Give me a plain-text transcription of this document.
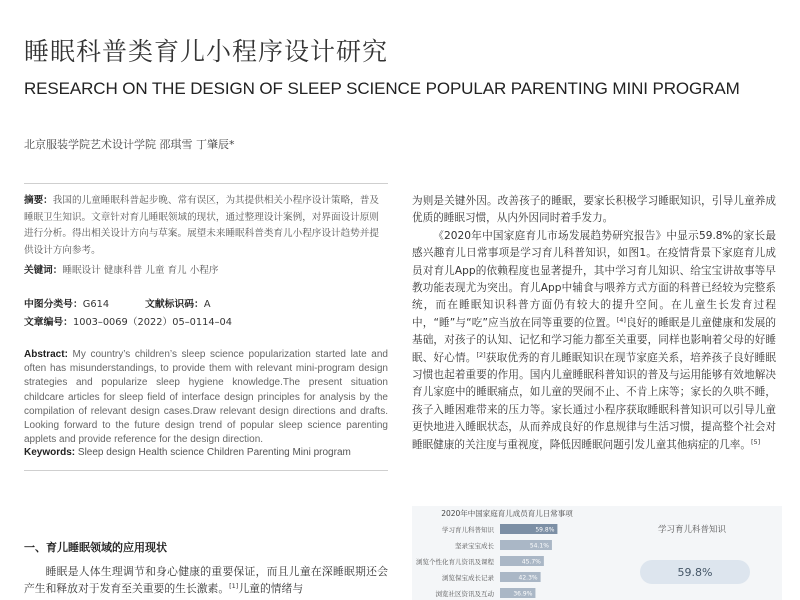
睡眠科普类育儿小程序设计研究
RESEARCH ON THE DESIGN OF SLEEP SCIENCE POPULAR PARENTING MINI PROGRAM
北京服装学院艺术设计学院 邵琪雪 丁肇辰*
摘要：我国的儿童睡眠科普起步晚、常有误区，为其提供相关小程序设计策略，普及睡眠卫生知识。文章针对育儿睡眠领域的现状，通过整理设计案例，对界面设计原则进行分析。得出相关设计方向与草案。展望未来睡眠科普类育儿小程序设计趋势并提供设计方向参考。
关键词：睡眠设计 健康科普 儿童 育儿 小程序
中图分类号：G614	文献标识码：A
文章编号：1003–0069（2022）05–0114–04
Abstract: My country’s children’s sleep science popularization started late and often has misunderstandings, to provide them with relevant mini-program design strategies and popularize sleep hygiene knowledge.The present situation childcare articles for sleep field of interface design principles for analysis by the compilation of relevant design cases.Draw relevant design directions and drafts. Looking forward to the future design trend of popular sleep science parenting applets and provide reference for the design direction.
Keywords: Sleep design Health science Children Parenting Mini program
一、育儿睡眠领域的应用现状
睡眠是人体生理调节和身心健康的重要保证，而且儿童在深睡眠期还会产生和释放对于发育至关重要的生长激素。[1]儿童的情绪与

为则是关键外因。改善孩子的睡眠，要家长积极学习睡眠知识，引导儿童养成优质的睡眠习惯，从内外因同时着手发力。

《2020年中国家庭育儿市场发展趋势研究报告》中显示59.8%的家长最感兴趣育儿日常事项是学习育儿科普知识，如图1。在疫情背景下家庭育儿成员对育儿App的依赖程度也显著提升，其中学习育儿知识、给宝宝讲故事等早教功能表现尤为突出。育儿App中辅食与喂养方式方面的科普已经较为完整系统，而在睡眠知识科普方面仍有较大的提升空间。在儿童生长发育过程中，“睡”与“吃”应当放在同等重要的位置。[4]良好的睡眠是儿童健康和发展的基础，对孩子的认知、记忆和学习能力都至关重要，同样也影响着父母的好睡眠、好心情。[2]获取优秀的育儿睡眠知识在现节家庭关系，培养孩子良好睡眠习惯也起着重要的作用。国内儿童睡眠科普知识的普及与运用能够有效地解决育儿家庭中的睡眠痛点，如儿童的哭闹不止、不肯上床等；家长的久哄不睡，孩子入睡困难带来的压力等。家长通过小程序获取睡眠科普知识可以引导儿童更快地进入睡眠状态，从而养成良好的作息规律与生活习惯，提高整个社会对睡眠健康的关注度与重视度，降低因睡眠问题引发儿童其他病症的几率。[5]

2020年中国家庭育儿成员育儿日常事项
学习育儿科普知识	59.8%
坚录宝宝成长	54.1%
浏览个性化育儿资讯及课程	45.7%
浏览保宝成长记录	42.3%
浏览社区资讯及互动	36.9%
学习育儿科普知识
59.8%
